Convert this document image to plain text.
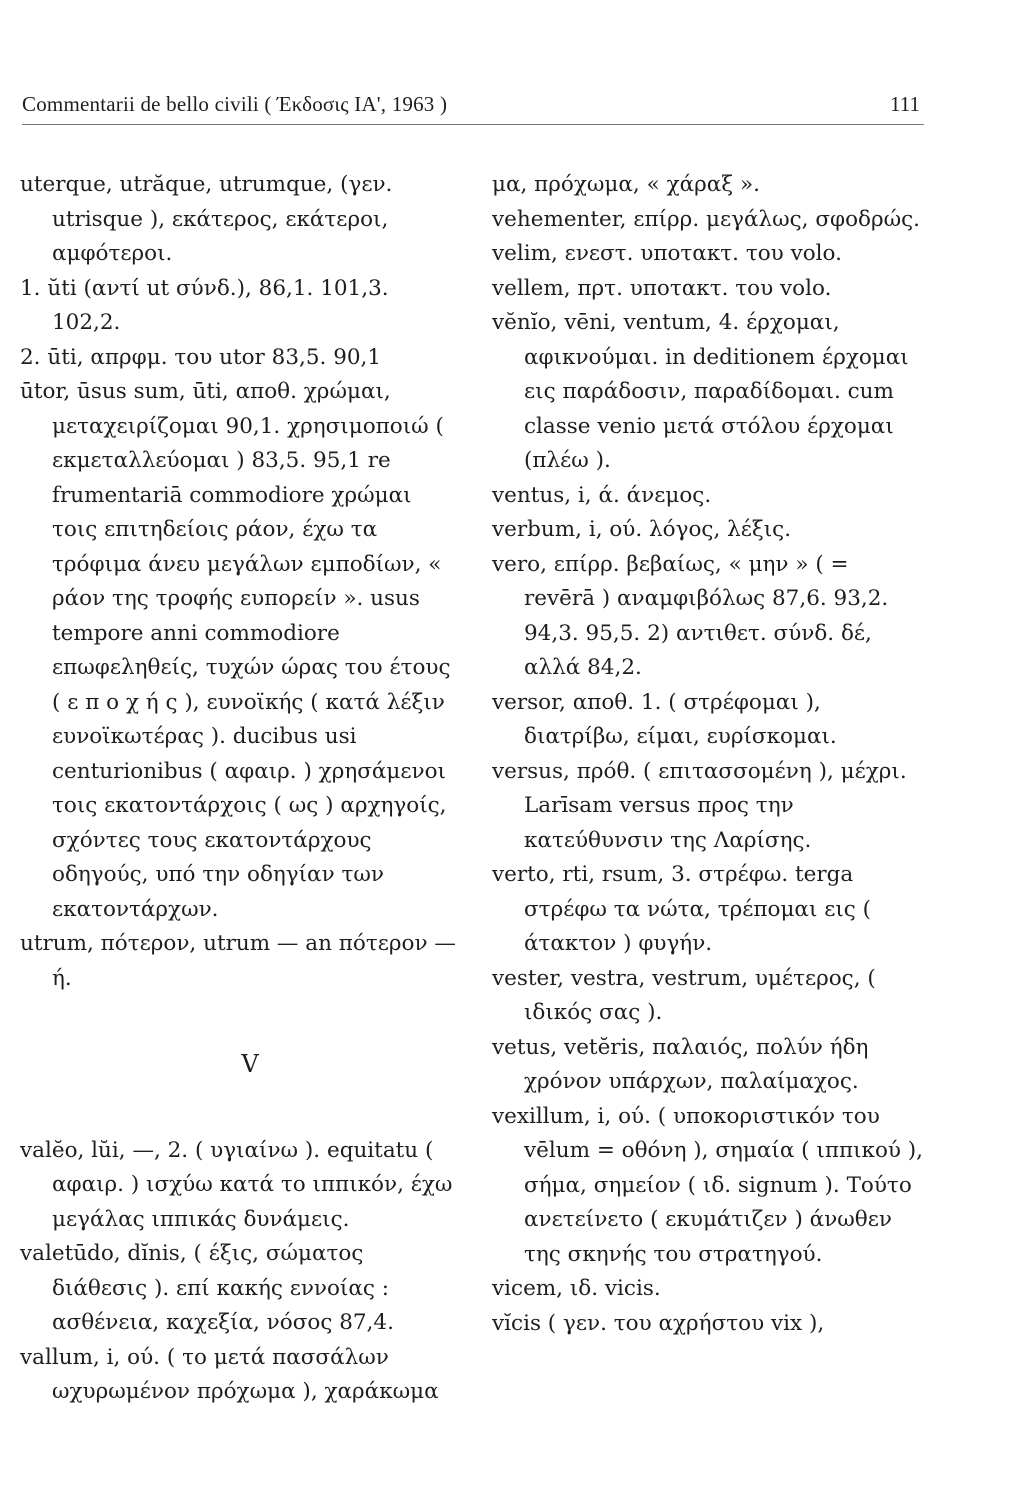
Commentarii de bello civili ( Έκδοσις ΙΑ', 1963 )	111

uterque, utrăque, utrumque, (γεν. utrisque ), εκάτερος, εκάτεροι, αμφότεροι.

1. ŭti (αντί ut σύνδ.), 86,1. 101,3. 102,2.

2. ūti, απρφμ. του utor 83,5. 90,1

ūtor, ūsus sum, ūti, αποθ. χρώμαι, μεταχειρίζομαι 90,1. χρησιμοποιώ ( εκμεταλλεύομαι ) 83,5. 95,1 re frumentariā commodiore χρώμαι τοις επιτηδείοις ράον, έχω τα τρόφιμα άνευ μεγάλων εμποδίων, « ράον της τροφής ευπορείν ». usus tempore anni commodiore επωφεληθείς, τυχών ώρας του έτους ( ε π ο χ ή ς ), ευνοϊκής ( κατά λέξιν ευνοϊκωτέρας ). ducibus usi centurionibus ( αφαιρ. ) χρησάμενοι τοις εκατοντάρχοις ( ως ) αρχηγοίς, σχόντες τους εκατοντάρχους οδηγούς, υπό την οδηγίαν των εκατοντάρχων.

utrum, πότερον, utrum — an πότερον — ή.

V

valĕo, lŭi, —, 2. ( υγιαίνω ). equitatu ( αφαιρ. ) ισχύω κατά το ιππικόν, έχω μεγάλας ιππικάς δυνάμεις.

valetūdo, dĭnis, ( έξις, σώματος διάθεσις ). επί κακής εννοίας : ασθένεια, καχεξία, νόσος 87,4.

vallum, i, ού. ( το μετά πασσάλων ωχυρωμένον πρόχωμα ), χαράκωμα

μα, πρόχωμα, « χάραξ ».

vehementer, επίρρ. μεγάλως, σφοδρώς.

velim, ενεστ. υποτακτ. του volo.

vellem, πρτ. υποτακτ. του volo.

vĕnĭo, vēni, ventum, 4. έρχομαι, αφικνούμαι. in deditionem έρχομαι εις παράδοσιν, παραδίδομαι. cum classe venio μετά στόλου έρχομαι (πλέω ).

ventus, i, ά. άνεμος.

verbum, i, ού. λόγος, λέξις.

vero, επίρρ. βεβαίως, « μην » ( = revērā ) αναμφιβόλως 87,6. 93,2. 94,3. 95,5. 2) αντιθετ. σύνδ. δέ, αλλά 84,2.

versor, αποθ. 1. ( στρέφομαι ), διατρίβω, είμαι, ευρίσκομαι.

versus, πρόθ. ( επιτασσομένη ), μέχρι. Larīsam versus προς την κατεύθυνσιν της Λαρίσης.

verto, rti, rsum, 3. στρέφω. terga στρέφω τα νώτα, τρέπομαι εις ( άτακτον ) φυγήν.

vester, vestra, vestrum, υμέτερος, ( ιδικός σας ).

vetus, vetĕris, παλαιός, πολύν ήδη χρόνον υπάρχων, παλαίμαχος.

vexillum, i, ού. ( υποκοριστικόν του vēlum = οθόνη ), σημαία ( ιππικού ), σήμα, σημείον ( ιδ. signum ). Τούτο ανετείνετο ( εκυμάτιζεν ) άνωθεν της σκηνής του στρατηγού.

vicem, ιδ. vicis.

vĭcis ( γεν. του αχρήστου vix ),
